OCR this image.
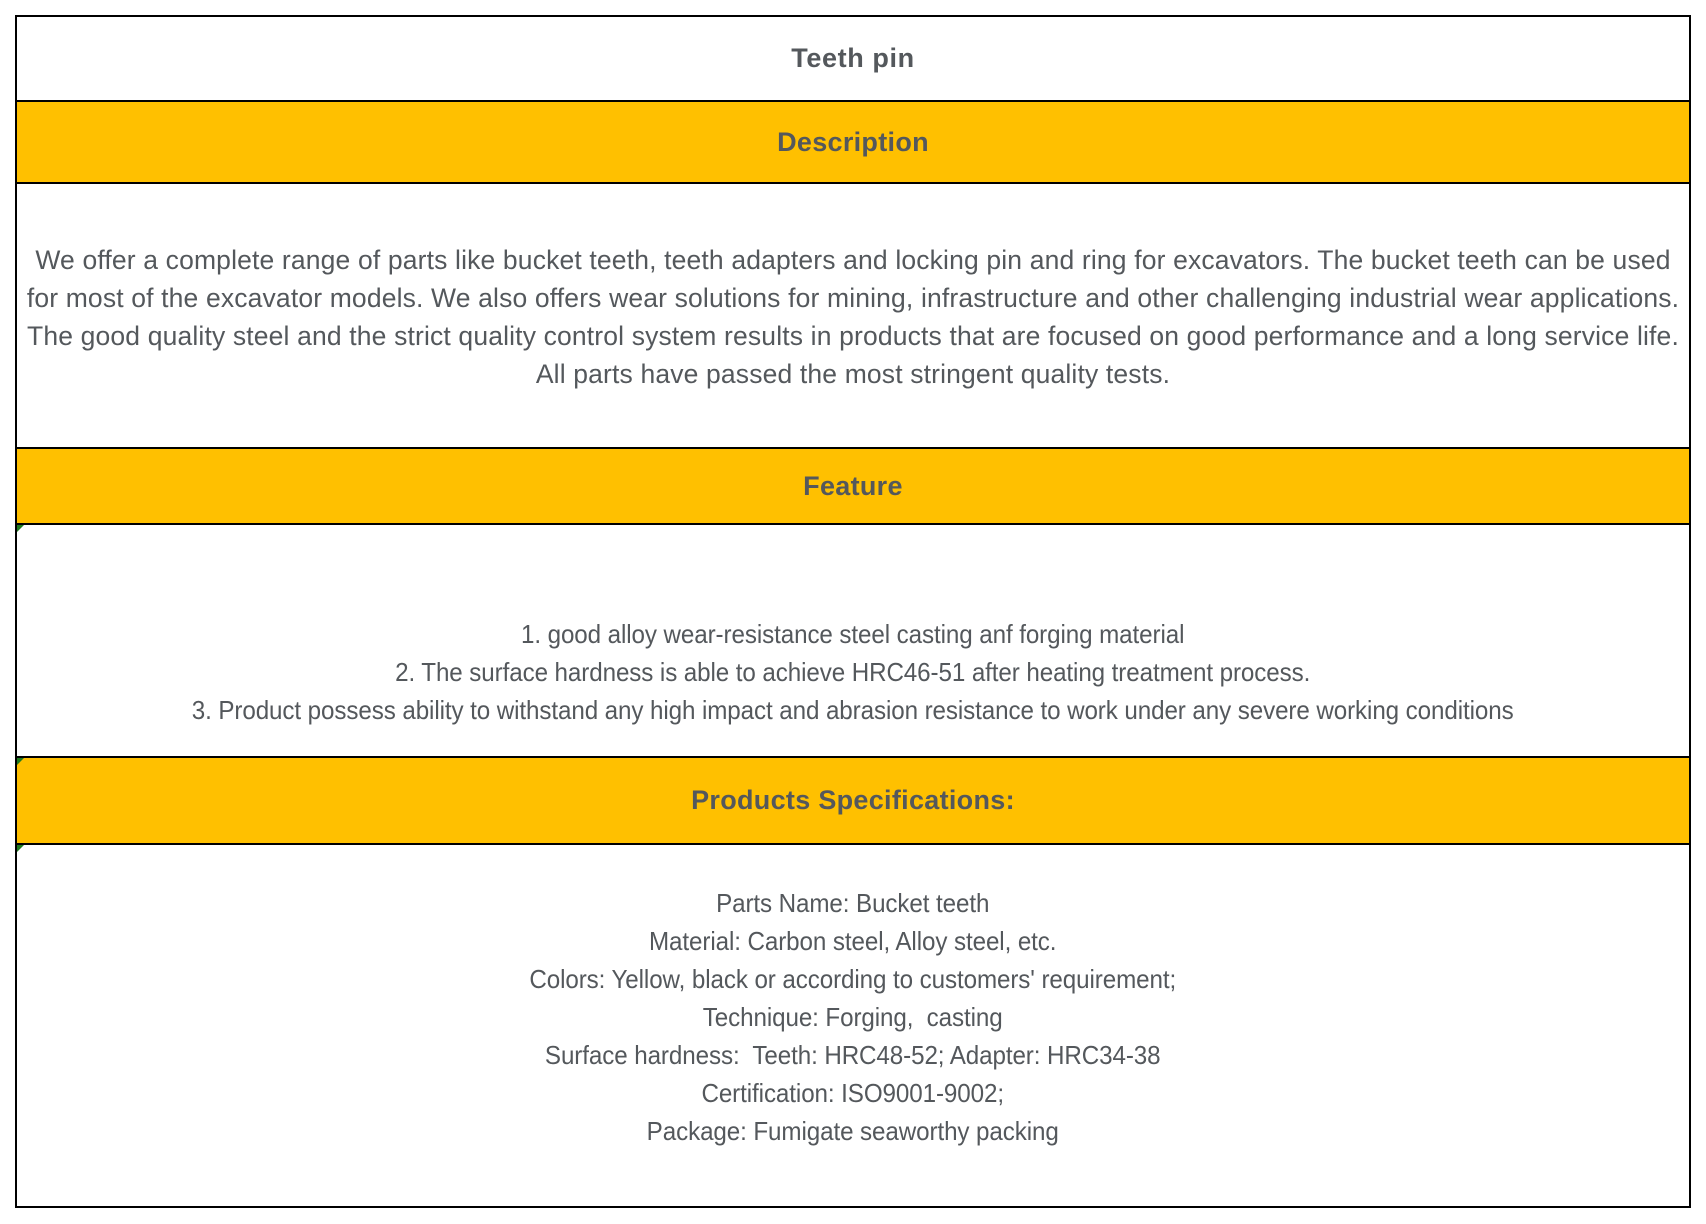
Teeth pin
Description
We offer a complete range of parts like bucket teeth, teeth adapters and locking pin and ring for excavators. The bucket teeth can be used for most of the excavator models. We also offers wear solutions for mining, infrastructure and other challenging industrial wear applications. The good quality steel and the strict quality control system results in products that are focused on good performance and a long service life. All parts have passed the most stringent quality tests.
Feature
1. good alloy wear-resistance steel casting anf forging material
2. The surface hardness is able to achieve HRC46-51 after heating treatment process.
3. Product possess ability to withstand any high impact and abrasion resistance to work under any severe working conditions
Products Specifications:
Parts Name: Bucket teeth
Material: Carbon steel, Alloy steel, etc.
Colors: Yellow, black or according to customers' requirement;
Technique: Forging,  casting
Surface hardness:  Teeth: HRC48-52; Adapter: HRC34-38
Certification: ISO9001-9002;
Package: Fumigate seaworthy packing
